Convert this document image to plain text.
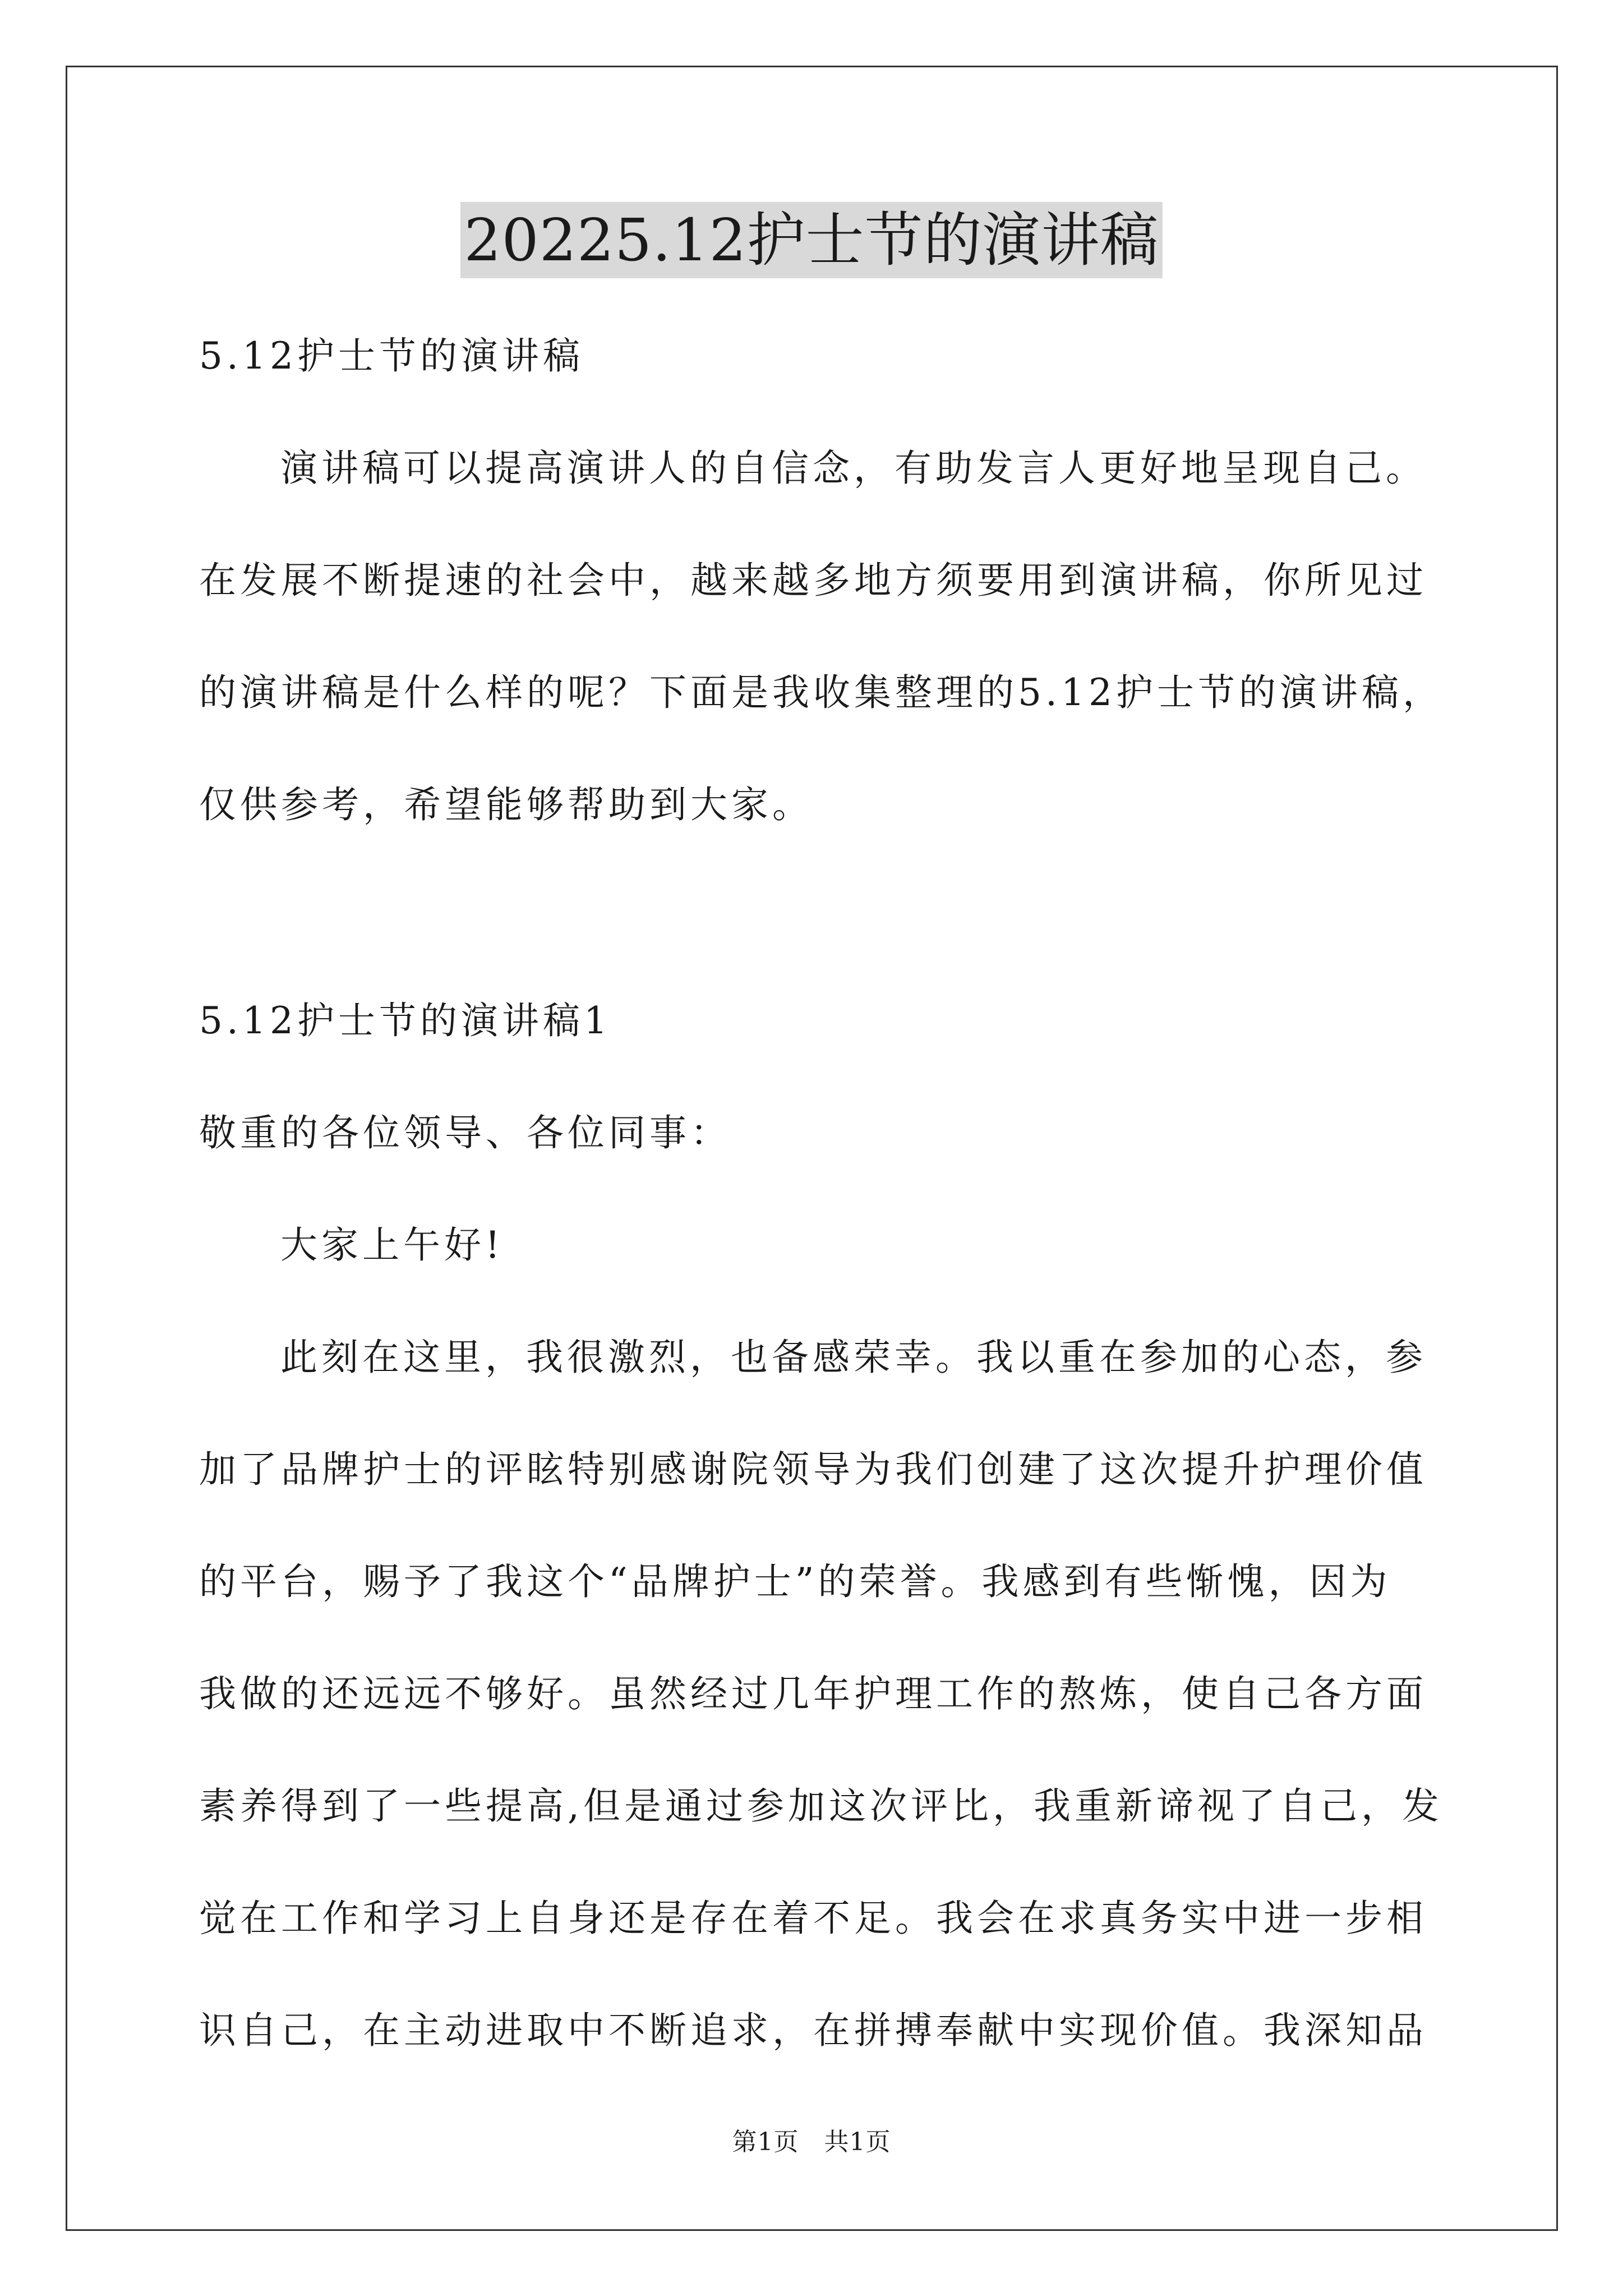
20225.12护士节的演讲稿
5.12护士节的演讲稿
演讲稿可以提高演讲人的自信念，有助发言人更好地呈现自己。
在发展不断提速的社会中，越来越多地方须要用到演讲稿，你所见过
的演讲稿是什么样的呢？下面是我收集整理的5.12护士节的演讲稿，
仅供参考，希望能够帮助到大家。
5.12护士节的演讲稿1
敬重的各位领导、各位同事：
大家上午好!
此刻在这里，我很激烈，也备感荣幸。我以重在参加的心态，参
加了品牌护士的评眩特别感谢院领导为我们创建了这次提升护理价值
的平台，赐予了我这个“品牌护士”的荣誉。我感到有些惭愧，因为
我做的还远远不够好。虽然经过几年护理工作的熬炼，使自己各方面
素养得到了一些提高,但是通过参加这次评比，我重新谛视了自己，发
觉在工作和学习上自身还是存在着不足。我会在求真务实中进一步相
识自己，在主动进取中不断追求，在拼搏奉献中实现价值。我深知品
第1页　共1页
